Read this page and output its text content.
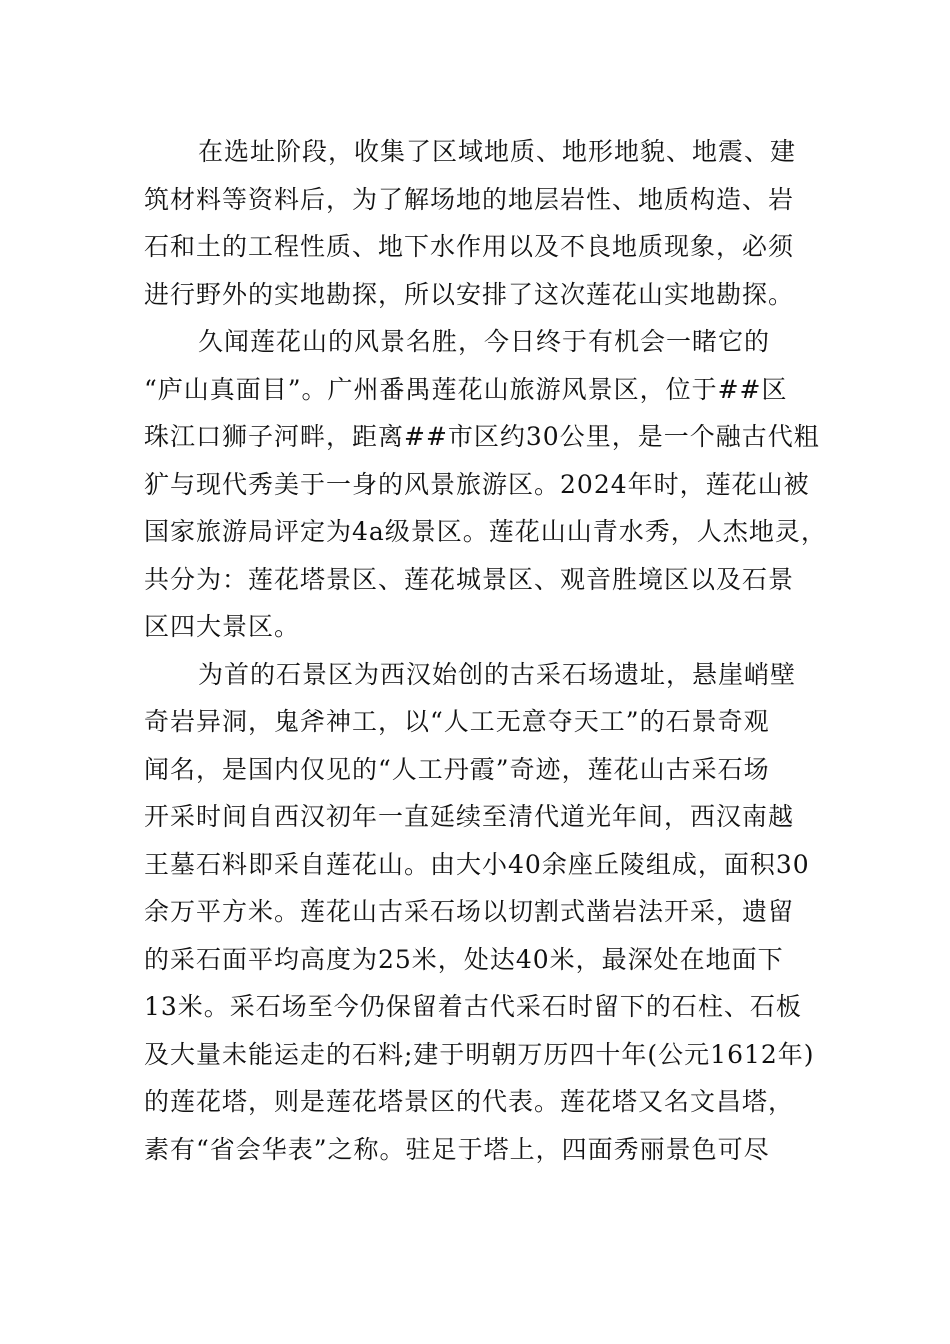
在选址阶段，收集了区域地质、地形地貌、地震、建
筑材料等资料后，为了解场地的地层岩性、地质构造、岩
石和土的工程性质、地下水作用以及不良地质现象，必须
进行野外的实地勘探，所以安排了这次莲花山实地勘探。

久闻莲花山的风景名胜，今日终于有机会一睹它的
“庐山真面目”。广州番禺莲花山旅游风景区，位于##区
珠江口狮子河畔，距离##市区约30公里，是一个融古代粗
犷与现代秀美于一身的风景旅游区。2024年时，莲花山被
国家旅游局评定为4a级景区。莲花山山青水秀，人杰地灵，
共分为：莲花塔景区、莲花城景区、观音胜境区以及石景
区四大景区。

为首的石景区为西汉始创的古采石场遗址，悬崖峭壁
奇岩异洞，鬼斧神工，以“人工无意夺天工”的石景奇观
闻名，是国内仅见的“人工丹霞”奇迹，莲花山古采石场
开采时间自西汉初年一直延续至清代道光年间，西汉南越
王墓石料即采自莲花山。由大小40余座丘陵组成，面积30
余万平方米。莲花山古采石场以切割式凿岩法开采，遗留
的采石面平均高度为25米，处达40米，最深处在地面下
13米。采石场至今仍保留着古代采石时留下的石柱、石板
及大量未能运走的石料;建于明朝万历四十年(公元1612年)
的莲花塔，则是莲花塔景区的代表。莲花塔又名文昌塔，
素有“省会华表”之称。驻足于塔上，四面秀丽景色可尽
